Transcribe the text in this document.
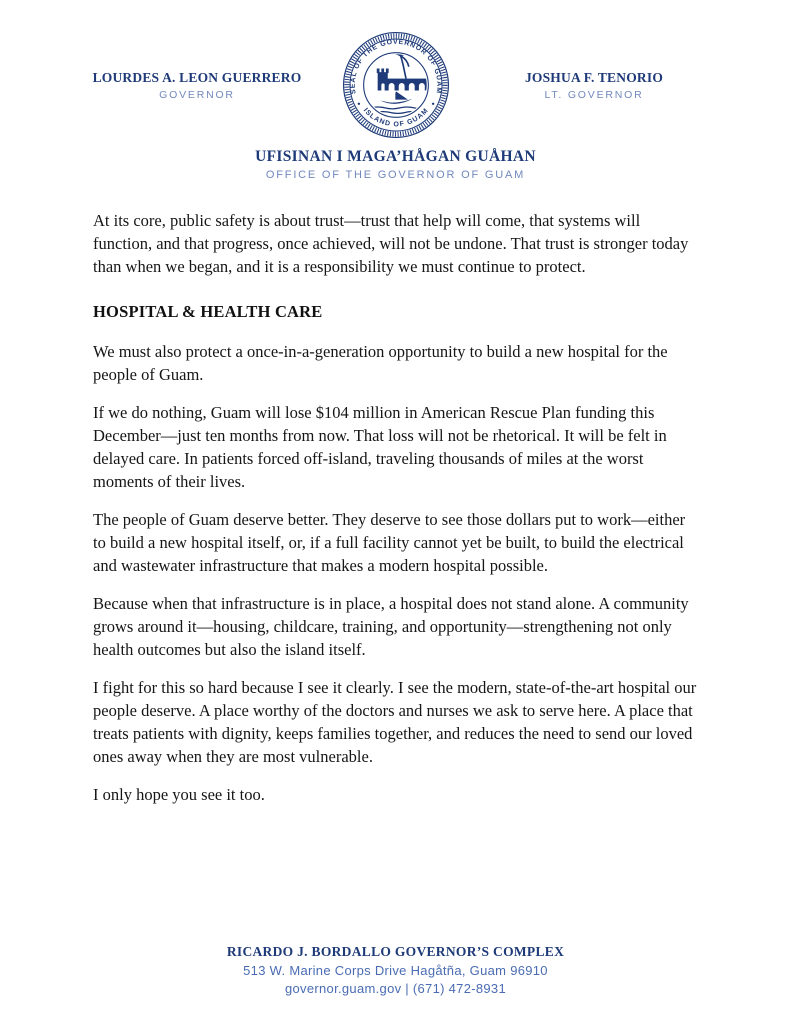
LOURDES A. LEON GUERRERO
GOVERNOR	SEAL OF THE GOVERNOR OF GUAM
ISLAND OF GUAM
JOSHUA F. TENORIO
LT. GOVERNOR
UFISINAN I MAGA’HÅGAN GUÅHAN
OFFICE OF THE GOVERNOR OF GUAM

At its core, public safety is about trust—trust that help will come, that systems will function, and that progress, once achieved, will not be undone. That trust is stronger today than when we began, and it is a responsibility we must continue to protect.

HOSPITAL & HEALTH CARE

We must also protect a once-in-a-generation opportunity to build a new hospital for the people of Guam.

If we do nothing, Guam will lose $104 million in American Rescue Plan funding this December—just ten months from now. That loss will not be rhetorical. It will be felt in delayed care. In patients forced off-island, traveling thousands of miles at the worst moments of their lives.

The people of Guam deserve better. They deserve to see those dollars put to work—either to build a new hospital itself, or, if a full facility cannot yet be built, to build the electrical and wastewater infrastructure that makes a modern hospital possible.

Because when that infrastructure is in place, a hospital does not stand alone. A community grows around it—housing, childcare, training, and opportunity—strengthening not only health outcomes but also the island itself.

I fight for this so hard because I see it clearly. I see the modern, state-of-the-art hospital our people deserve. A place worthy of the doctors and nurses we ask to serve here. A place that treats patients with dignity, keeps families together, and reduces the need to send our loved ones away when they are most vulnerable.

I only hope you see it too.

RICARDO J. BORDALLO GOVERNOR’S COMPLEX
513 W. Marine Corps Drive Hagåtña, Guam 96910
governor.guam.gov | (671) 472-8931
